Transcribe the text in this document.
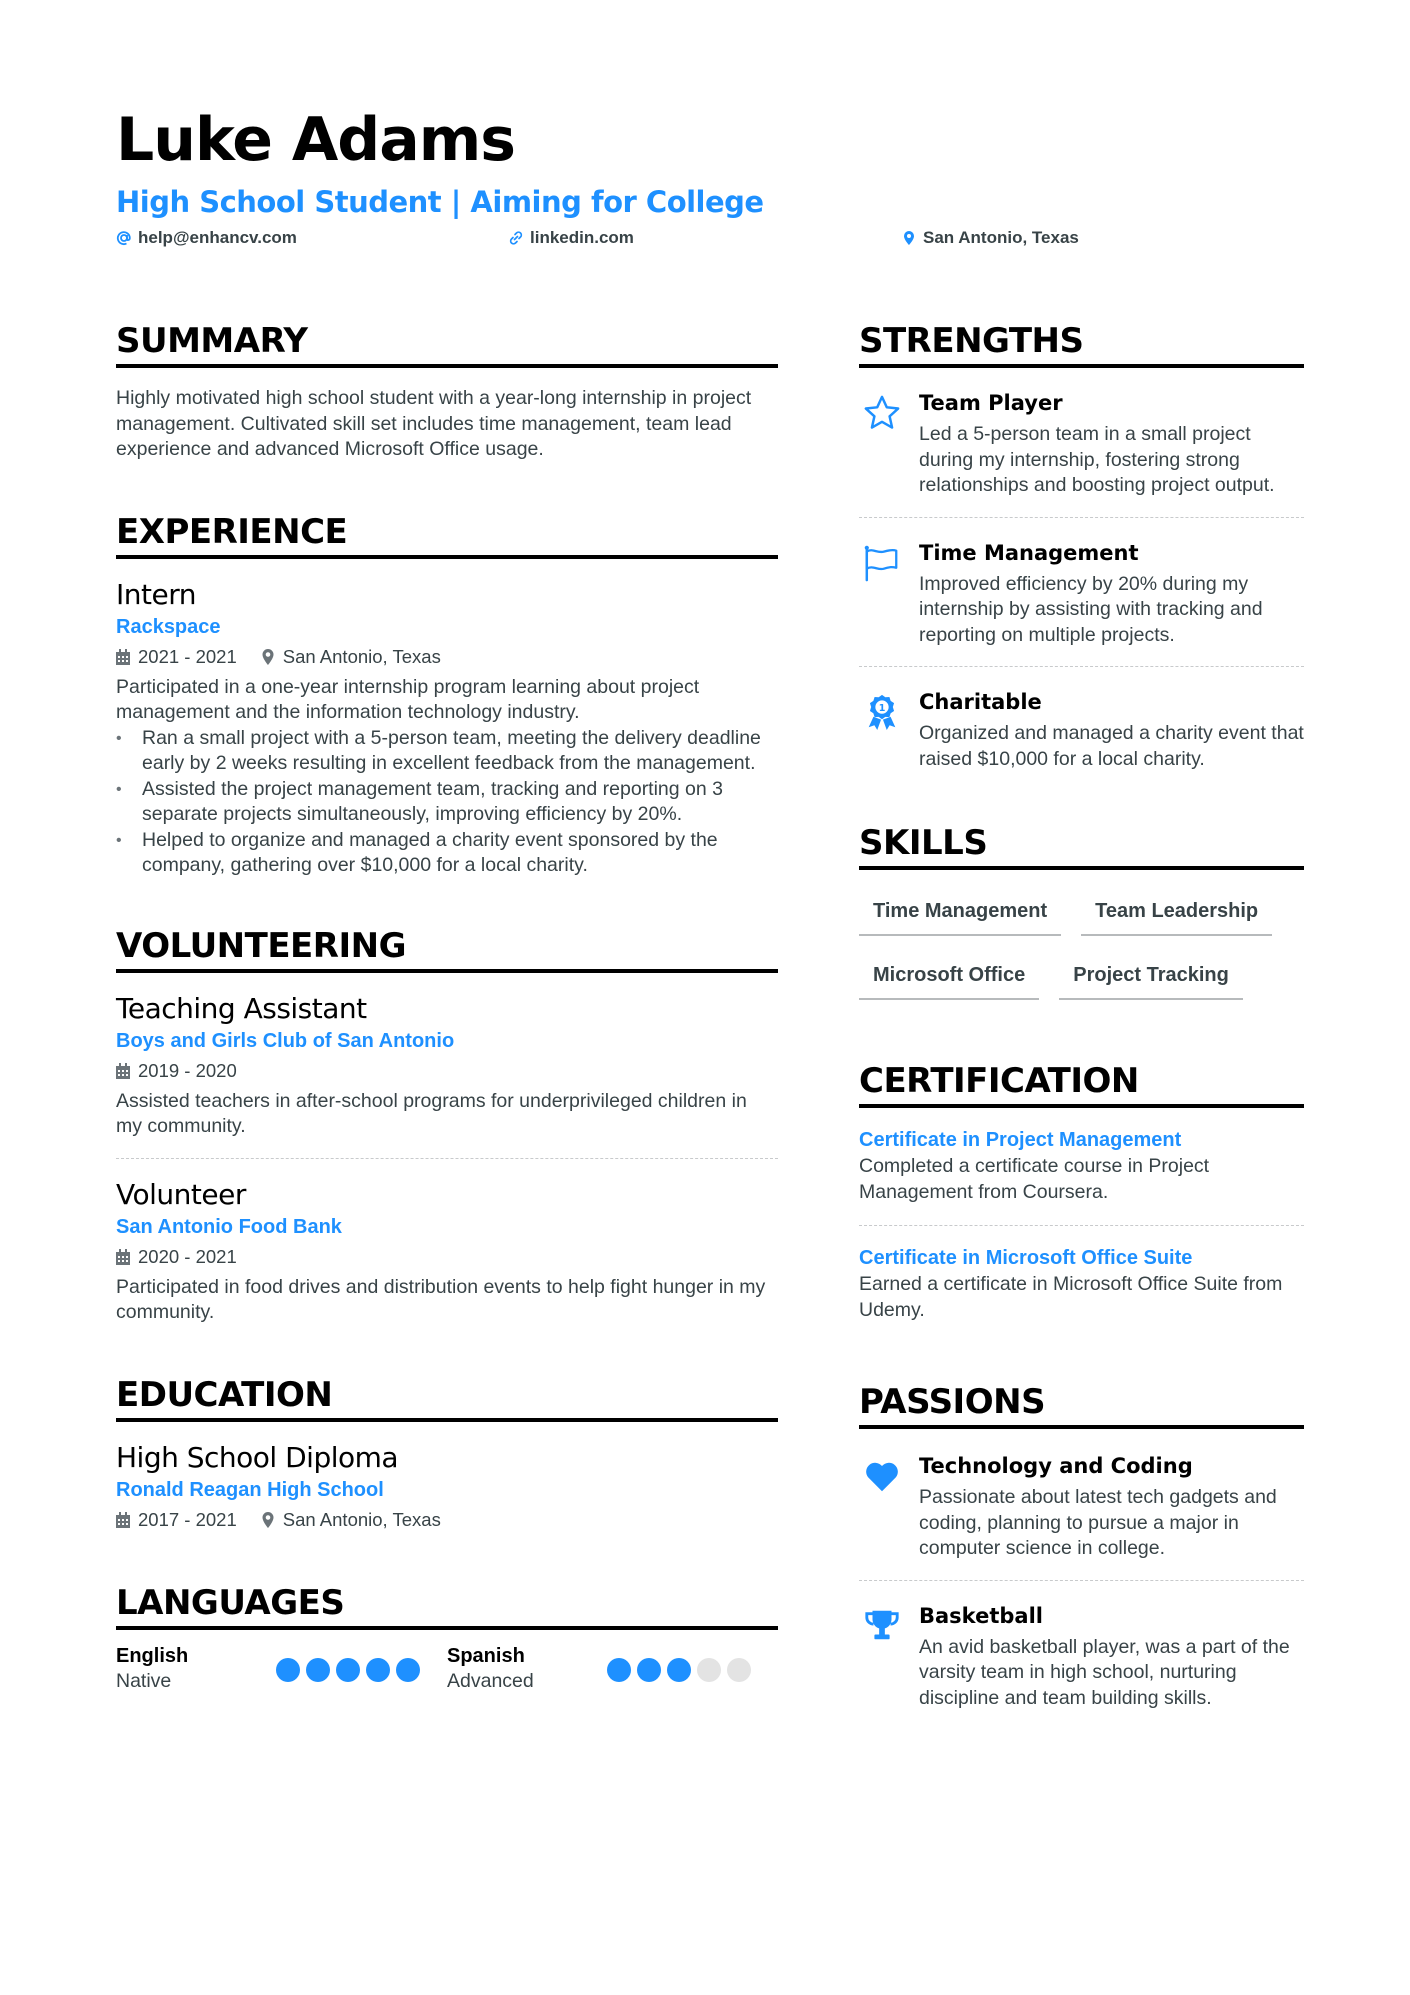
Luke Adams
High School Student | Aiming for College
help@enhancv.com	linkedin.com	San Antonio, Texas
SUMMARY
Highly motivated high school student with a year-long internship in project management. Cultivated skill set includes time management, team lead experience and advanced Microsoft Office usage.
EXPERIENCE
Intern
Rackspace
2021 - 2021 San Antonio, Texas
Participated in a one-year internship program learning about project management and the information technology industry.
• Ran a small project with a 5-person team, meeting the delivery deadline early by 2 weeks resulting in excellent feedback from the management.
• Assisted the project management team, tracking and reporting on 3 separate projects simultaneously, improving efficiency by 20%.
• Helped to organize and managed a charity event sponsored by the company, gathering over $10,000 for a local charity.
VOLUNTEERING
Teaching Assistant
Boys and Girls Club of San Antonio
2019 - 2020
Assisted teachers in after-school programs for underprivileged children in my community.
Volunteer
San Antonio Food Bank
2020 - 2021
Participated in food drives and distribution events to help fight hunger in my community.
EDUCATION
High School Diploma
Ronald Reagan High School
2017 - 2021 San Antonio, Texas
LANGUAGES
English
Native
Spanish
Advanced
STRENGTHS
Team Player
Led a 5-person team in a small project during my internship, fostering strong relationships and boosting project output.
Time Management
Improved efficiency by 20% during my internship by assisting with tracking and reporting on multiple projects.
1 Charitable
Organized and managed a charity event that raised $10,000 for a local charity.
SKILLS
Time Management	Team Leadership
Microsoft Office	Project Tracking
CERTIFICATION
Certificate in Project Management
Completed a certificate course in Project Management from Coursera.
Certificate in Microsoft Office Suite
Earned a certificate in Microsoft Office Suite from Udemy.
PASSIONS
Technology and Coding
Passionate about latest tech gadgets and coding, planning to pursue a major in computer science in college.
Basketball
An avid basketball player, was a part of the varsity team in high school, nurturing discipline and team building skills.
